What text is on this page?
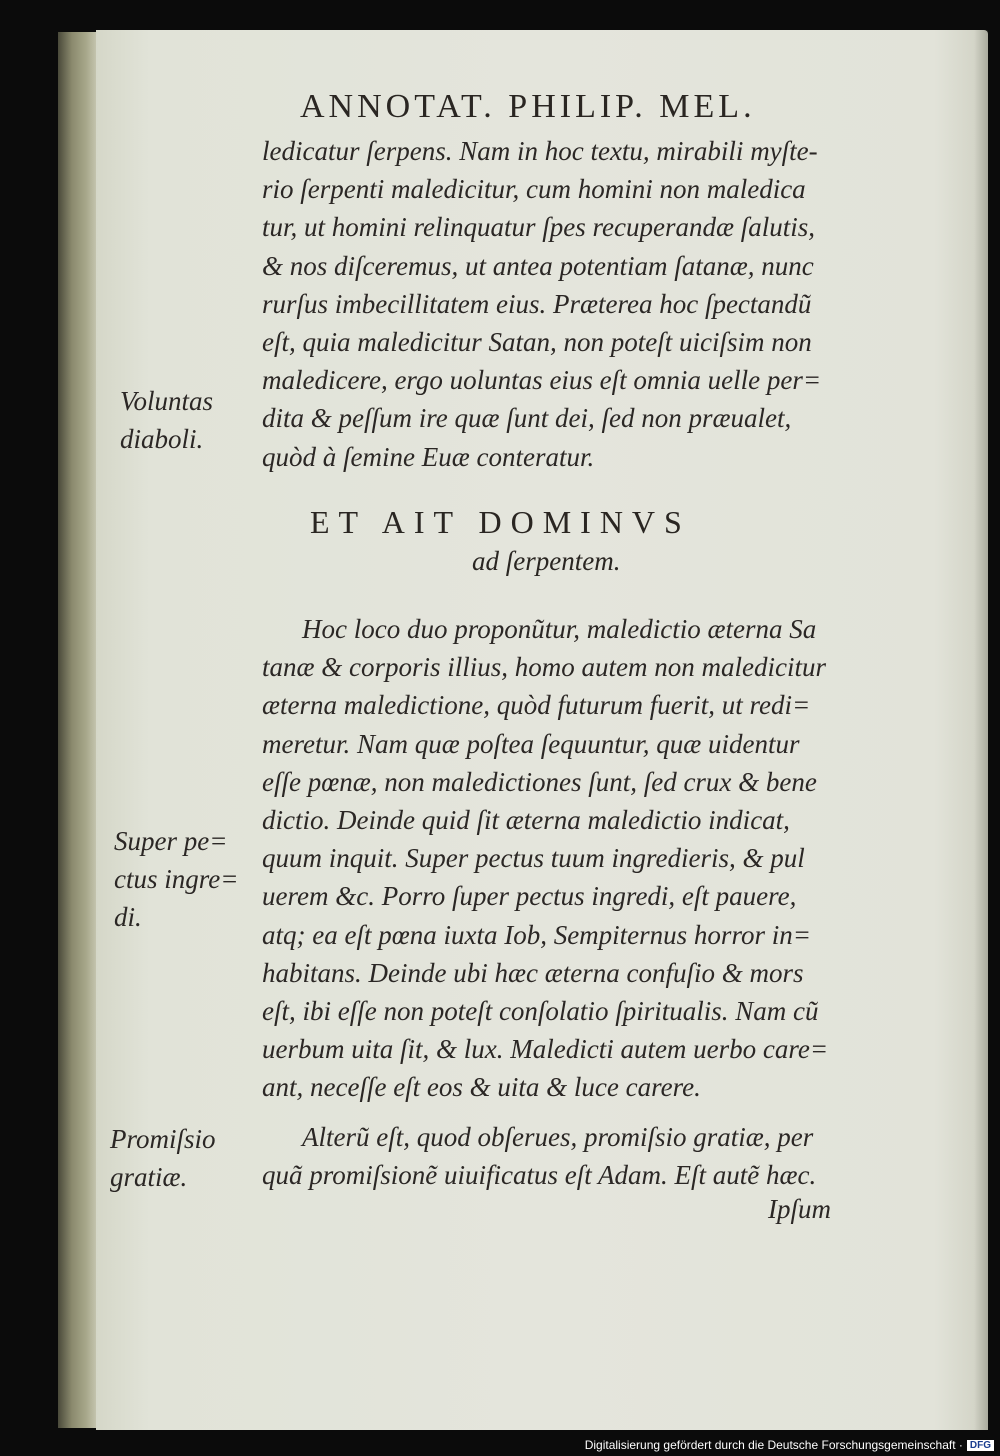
ANNOTAT. PHILIP. MEL.
ledicatur ſerpens. Nam in hoc textu, mirabili myſte-
rio ſerpenti maledicitur, cum homini non maledica
tur, ut homini relinquatur ſpes recuperandæ ſalutis,
& nos diſceremus, ut antea potentiam ſatanæ, nunc
rurſus imbecillitatem eius. Præterea hoc ſpectandũ
eſt, quia maledicitur Satan, non poteſt uiciſsim non
maledicere, ergo uoluntas eius eſt omnia uelle per=
dita & peſſum ire quæ ſunt dei, ſed non præualet,
quòd à ſemine Euæ conteratur.
ET AIT DOMINVS
ad ſerpentem.
Hoc loco duo proponũtur, maledictio æterna Sa
tanæ & corporis illius, homo autem non maledicitur
æterna maledictione, quòd futurum fuerit, ut redi=
meretur. Nam quæ poſtea ſequuntur, quæ uidentur
eſſe pœnæ, non maledictiones ſunt, ſed crux & bene
dictio. Deinde quid ſit æterna maledictio indicat,
quum inquit. Super pectus tuum ingredieris, & pul
uerem &c. Porro ſuper pectus ingredi, eſt pauere,
atq; ea eſt pœna iuxta Iob, Sempiternus horror in=
habitans. Deinde ubi hæc æterna confuſio & mors
eſt, ibi eſſe non poteſt conſolatio ſpiritualis. Nam cũ
uerbum uita ſit, & lux. Maledicti autem uerbo care=
ant, neceſſe eſt eos & uita & luce carere.
Alterũ eſt, quod obſerues, promiſsio gratiæ, per
quã promiſsionẽ uiuificatus eſt Adam. Eſt autẽ hæc.
Ipſum
Voluntas
diaboli.
Super pe=
ctus ingre=
di.
Promiſsio
gratiæ.
Digitalisierung gefördert durch die Deutsche Forschungsgemeinschaft · DFG
